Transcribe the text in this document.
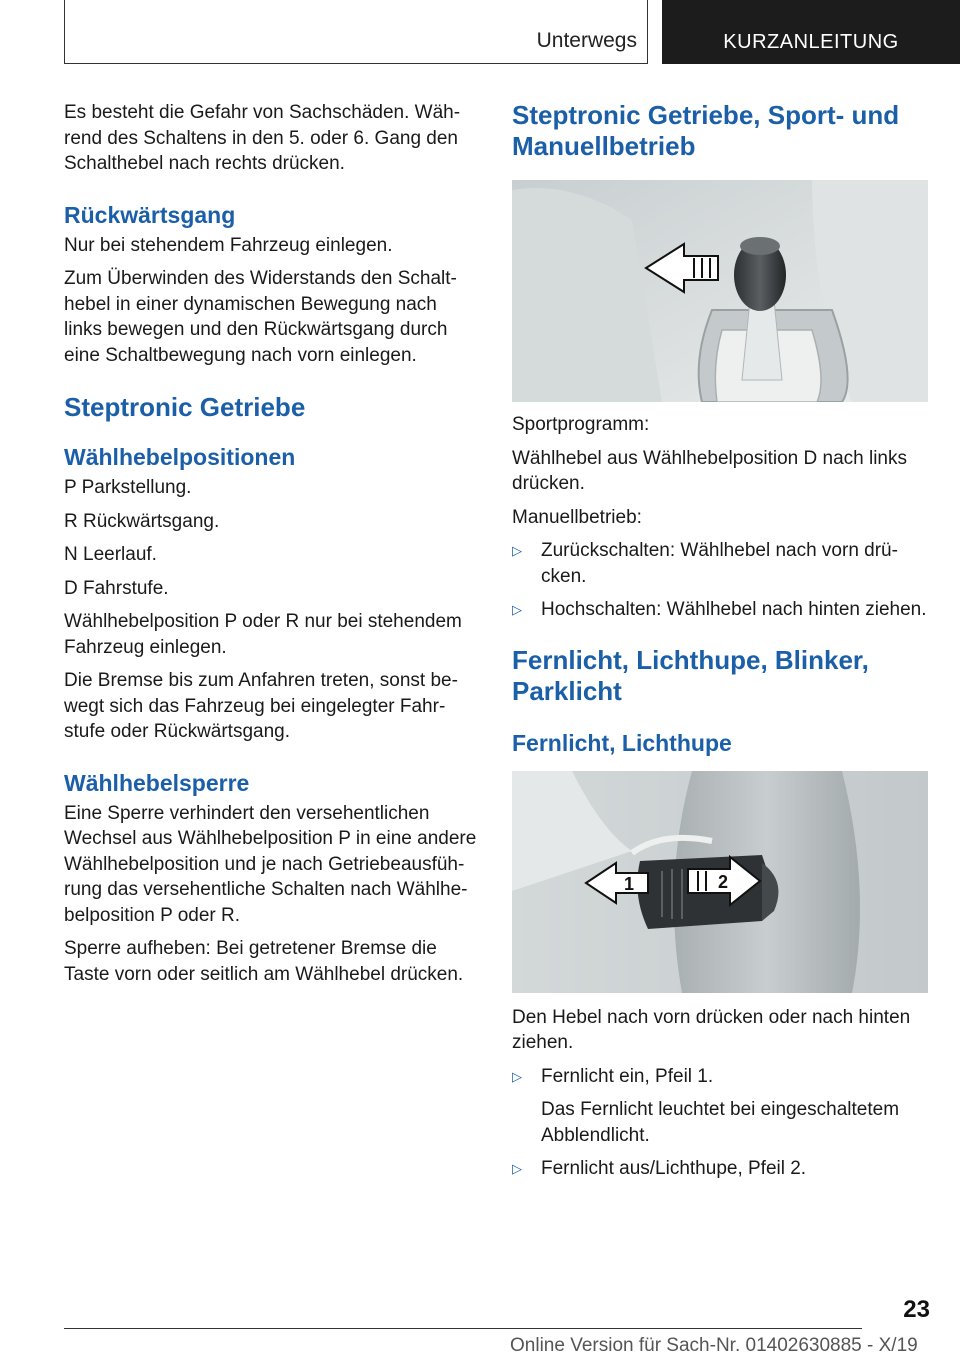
Unterwegs	KURZANLEITUNG

Es besteht die Gefahr von Sachschäden. Während des Schaltens in den 5. oder 6. Gang den Schalthebel nach rechts drücken.

Rückwärtsgang

Nur bei stehendem Fahrzeug einlegen.

Zum Überwinden des Widerstands den Schalthebel in einer dynamischen Bewegung nach links bewegen und den Rückwärtsgang durch eine Schaltbewegung nach vorn einlegen.

Steptronic Getriebe
Wählhebelpositionen

P Parkstellung.

R Rückwärtsgang.

N Leerlauf.

D Fahrstufe.

Wählhebelposition P oder R nur bei stehendem Fahrzeug einlegen.

Die Bremse bis zum Anfahren treten, sonst bewegt sich das Fahrzeug bei eingelegter Fahrstufe oder Rückwärtsgang.

Wählhebelsperre

Eine Sperre verhindert den versehentlichen Wechsel aus Wählhebelposition P in eine andere Wählhebelposition und je nach Getriebeausführung das versehentliche Schalten nach Wählhebelposition P oder R.

Sperre aufheben: Bei getretener Bremse die Taste vorn oder seitlich am Wählhebel drücken.

Steptronic Getriebe, Sport- und Manuellbetrieb

Sportprogramm:

Wählhebel aus Wählhebelposition D nach links drücken.

Manuellbetrieb:

▷	Zurückschalten: Wählhebel nach vorn drücken.
▷	Hochschalten: Wählhebel nach hinten ziehen.
Fernlicht, Lichthupe, Blinker, Parklicht
Fernlicht, Lichthupe
1	2

Den Hebel nach vorn drücken oder nach hinten ziehen.

▷	Fernlicht ein, Pfeil 1.

Das Fernlicht leuchtet bei eingeschaltetem Abblendlicht.

▷	Fernlicht aus/Lichthupe, Pfeil 2.
23
Online Version für Sach-Nr. 01402630885 - X/19
